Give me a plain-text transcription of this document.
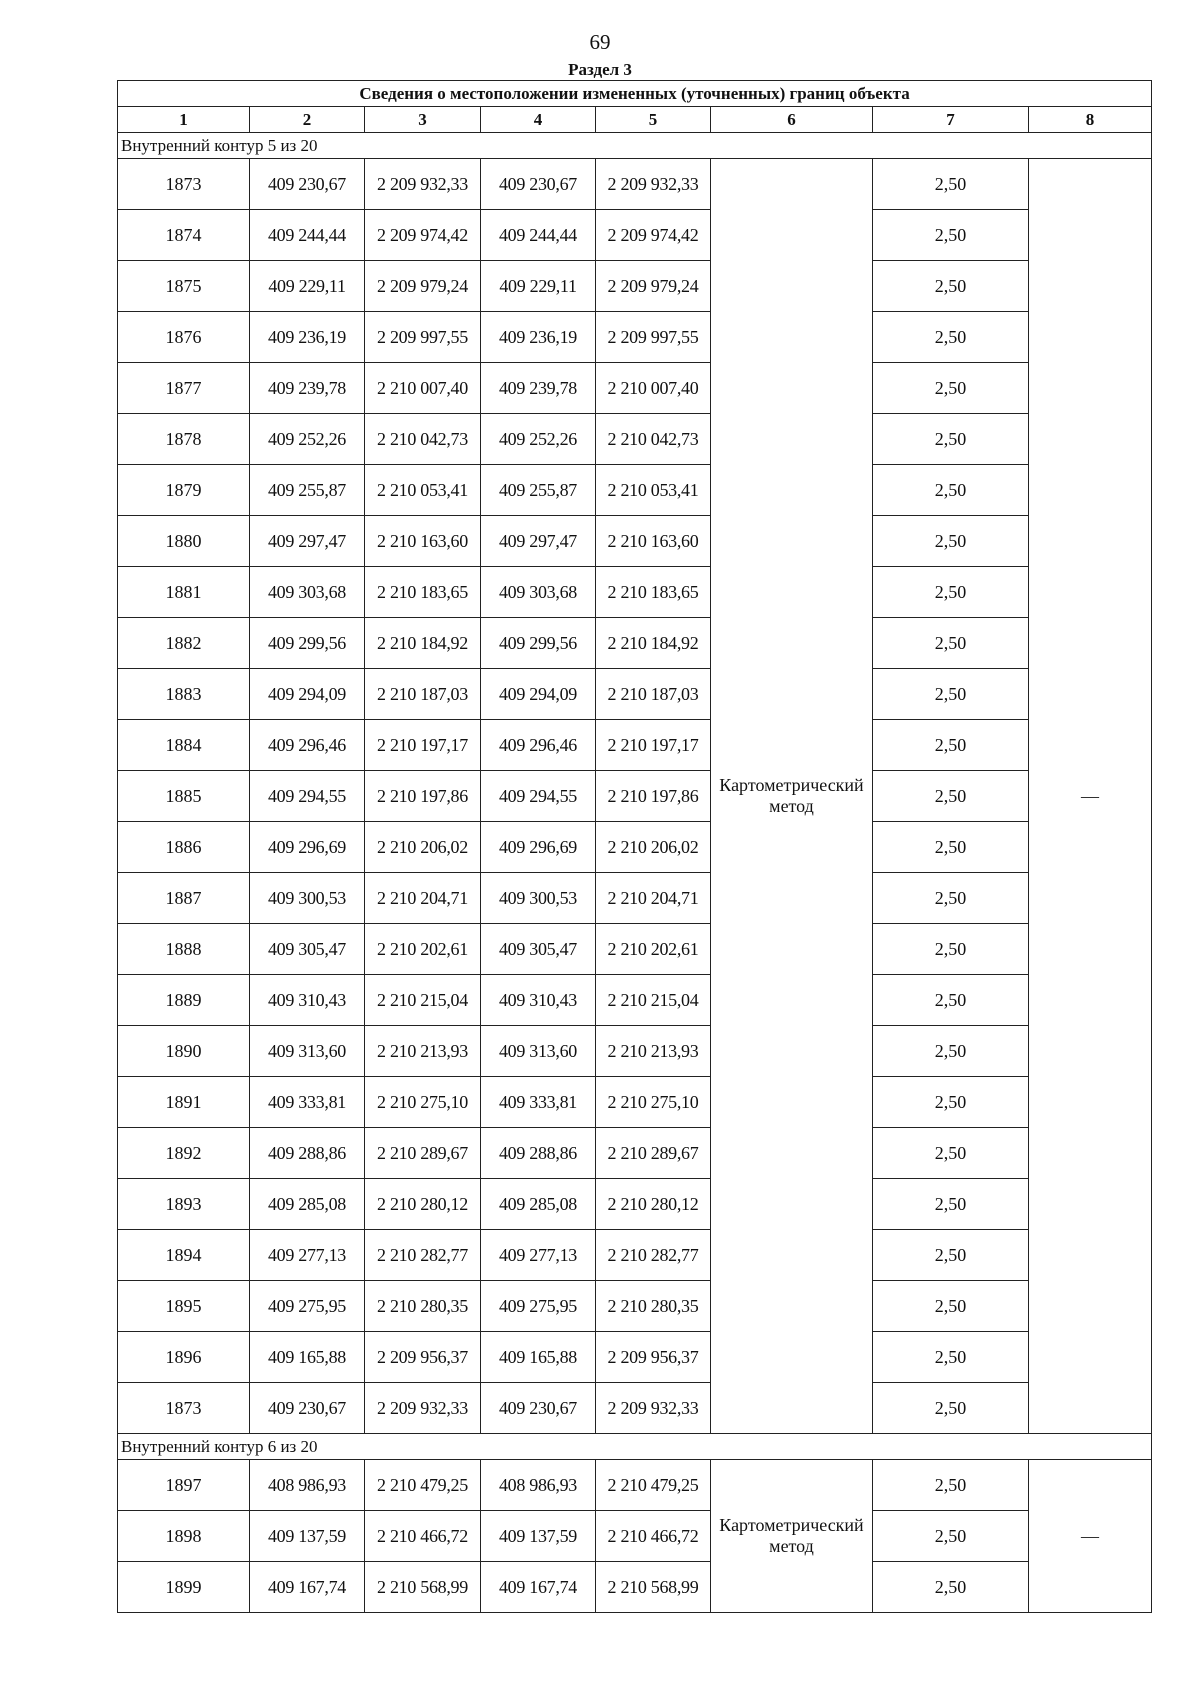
69
Раздел 3
Сведения о местоположении измененных (уточненных) границ объекта							
1	2	3	4	5	6	7	8
Внутренний контур 5 из 20							
1873	409 230,67	2 209 932,33	409 230,67	2 209 932,33	Картометрический метод	2,50	—
1874	409 244,44	2 209 974,42	409 244,44	2 209 974,42		2,50	
1875	409 229,11	2 209 979,24	409 229,11	2 209 979,24		2,50	
1876	409 236,19	2 209 997,55	409 236,19	2 209 997,55		2,50	
1877	409 239,78	2 210 007,40	409 239,78	2 210 007,40		2,50	
1878	409 252,26	2 210 042,73	409 252,26	2 210 042,73		2,50	
1879	409 255,87	2 210 053,41	409 255,87	2 210 053,41		2,50	
1880	409 297,47	2 210 163,60	409 297,47	2 210 163,60		2,50	
1881	409 303,68	2 210 183,65	409 303,68	2 210 183,65		2,50	
1882	409 299,56	2 210 184,92	409 299,56	2 210 184,92		2,50	
1883	409 294,09	2 210 187,03	409 294,09	2 210 187,03		2,50	
1884	409 296,46	2 210 197,17	409 296,46	2 210 197,17		2,50	
1885	409 294,55	2 210 197,86	409 294,55	2 210 197,86		2,50	
1886	409 296,69	2 210 206,02	409 296,69	2 210 206,02		2,50	
1887	409 300,53	2 210 204,71	409 300,53	2 210 204,71		2,50	
1888	409 305,47	2 210 202,61	409 305,47	2 210 202,61		2,50	
1889	409 310,43	2 210 215,04	409 310,43	2 210 215,04		2,50	
1890	409 313,60	2 210 213,93	409 313,60	2 210 213,93		2,50	
1891	409 333,81	2 210 275,10	409 333,81	2 210 275,10		2,50	
1892	409 288,86	2 210 289,67	409 288,86	2 210 289,67		2,50	
1893	409 285,08	2 210 280,12	409 285,08	2 210 280,12		2,50	
1894	409 277,13	2 210 282,77	409 277,13	2 210 282,77		2,50	
1895	409 275,95	2 210 280,35	409 275,95	2 210 280,35		2,50	
1896	409 165,88	2 209 956,37	409 165,88	2 209 956,37		2,50	
1873	409 230,67	2 209 932,33	409 230,67	2 209 932,33		2,50	
Внутренний контур 6 из 20							
1897	408 986,93	2 210 479,25	408 986,93	2 210 479,25	Картометрический метод	2,50	—
1898	409 137,59	2 210 466,72	409 137,59	2 210 466,72		2,50	
1899	409 167,74	2 210 568,99	409 167,74	2 210 568,99		2,50	
